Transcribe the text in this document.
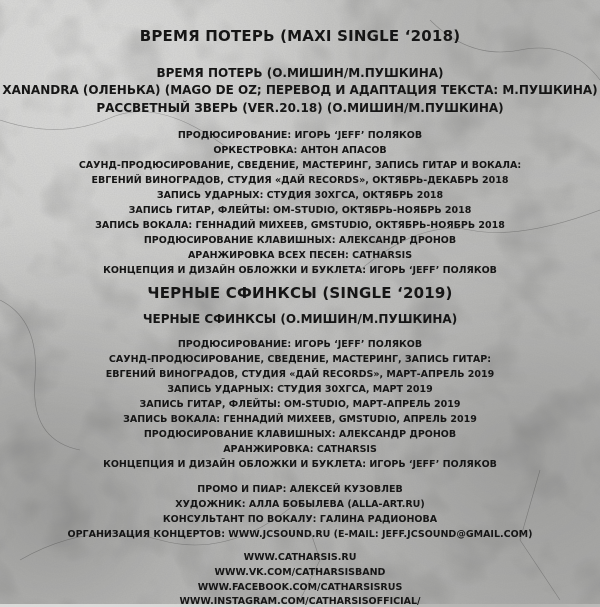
ВРЕМЯ ПОТЕРЬ (MAXI SINGLE ‘2018)
ВРЕМЯ ПОТЕРЬ (О.МИШИН/М.ПУШКИНА)
XANANDRA (ОЛЕНЬКА) (MAGO DE OZ; ПЕРЕВОД И АДАПТАЦИЯ ТЕКСТА: М.ПУШКИНА)
РАССВЕТНЫЙ ЗВЕРЬ (VER.20.18) (О.МИШИН/М.ПУШКИНА)
ПРОДЮСИРОВАНИЕ: ИГОРЬ ‘JEFF’ ПОЛЯКОВ
ОРКЕСТРОВКА: АНТОН АПАСОВ
САУНД-ПРОДЮСИРОВАНИЕ, СВЕДЕНИЕ, МАСТЕРИНГ, ЗАПИСЬ ГИТАР И ВОКАЛА:
ЕВГЕНИЙ ВИНОГРАДОВ, СТУДИЯ «ДАЙ RECORDS», ОКТЯБРЬ-ДЕКАБРЬ 2018
ЗАПИСЬ УДАРНЫХ: СТУДИЯ 30ХГСА, ОКТЯБРЬ 2018
ЗАПИСЬ ГИТАР, ФЛЕЙТЫ: OM-STUDIO, ОКТЯБРЬ-НОЯБРЬ 2018
ЗАПИСЬ ВОКАЛА: ГЕННАДИЙ МИХЕЕВ, GMSTUDIO, ОКТЯБРЬ-НОЯБРЬ 2018
ПРОДЮСИРОВАНИЕ КЛАВИШНЫХ: АЛЕКСАНДР ДРОНОВ
АРАНЖИРОВКА ВСЕХ ПЕСЕН: CATHARSIS
КОНЦЕПЦИЯ И ДИЗАЙН ОБЛОЖКИ И БУКЛЕТА: ИГОРЬ ‘JEFF’ ПОЛЯКОВ
ЧЕРНЫЕ СФИНКСЫ (SINGLE ‘2019)
ЧЕРНЫЕ СФИНКСЫ (О.МИШИН/М.ПУШКИНА)
ПРОДЮСИРОВАНИЕ: ИГОРЬ ‘JEFF’ ПОЛЯКОВ
САУНД-ПРОДЮСИРОВАНИЕ, СВЕДЕНИЕ, МАСТЕРИНГ, ЗАПИСЬ ГИТАР:
ЕВГЕНИЙ ВИНОГРАДОВ, СТУДИЯ «ДАЙ RECORDS», МАРТ-АПРЕЛЬ 2019
ЗАПИСЬ УДАРНЫХ: СТУДИЯ 30ХГСА, МАРТ 2019
ЗАПИСЬ ГИТАР, ФЛЕЙТЫ: OM-STUDIO, МАРТ-АПРЕЛЬ 2019
ЗАПИСЬ ВОКАЛА: ГЕННАДИЙ МИХЕЕВ, GMSTUDIO, АПРЕЛЬ 2019
ПРОДЮСИРОВАНИЕ КЛАВИШНЫХ: АЛЕКСАНДР ДРОНОВ
АРАНЖИРОВКА: CATHARSIS
КОНЦЕПЦИЯ И ДИЗАЙН ОБЛОЖКИ И БУКЛЕТА: ИГОРЬ ‘JEFF’ ПОЛЯКОВ
ПРОМО И ПИАР: АЛЕКСЕЙ КУЗОВЛЕВ
ХУДОЖНИК: АЛЛА БОБЫЛЕВА (ALLA-ART.RU)
КОНСУЛЬТАНТ ПО ВОКАЛУ: ГАЛИНА РАДИОНОВА
ОРГАНИЗАЦИЯ КОНЦЕРТОВ: WWW.JCSOUND.RU (E-MAIL: JEFF.JCSOUND@GMAIL.COM)
WWW.CATHARSIS.RU
WWW.VK.COM/CATHARSISBAND
WWW.FACEBOOK.COM/CATHARSISRUS
WWW.INSTAGRAM.COM/CATHARSISOFFICIAL/
